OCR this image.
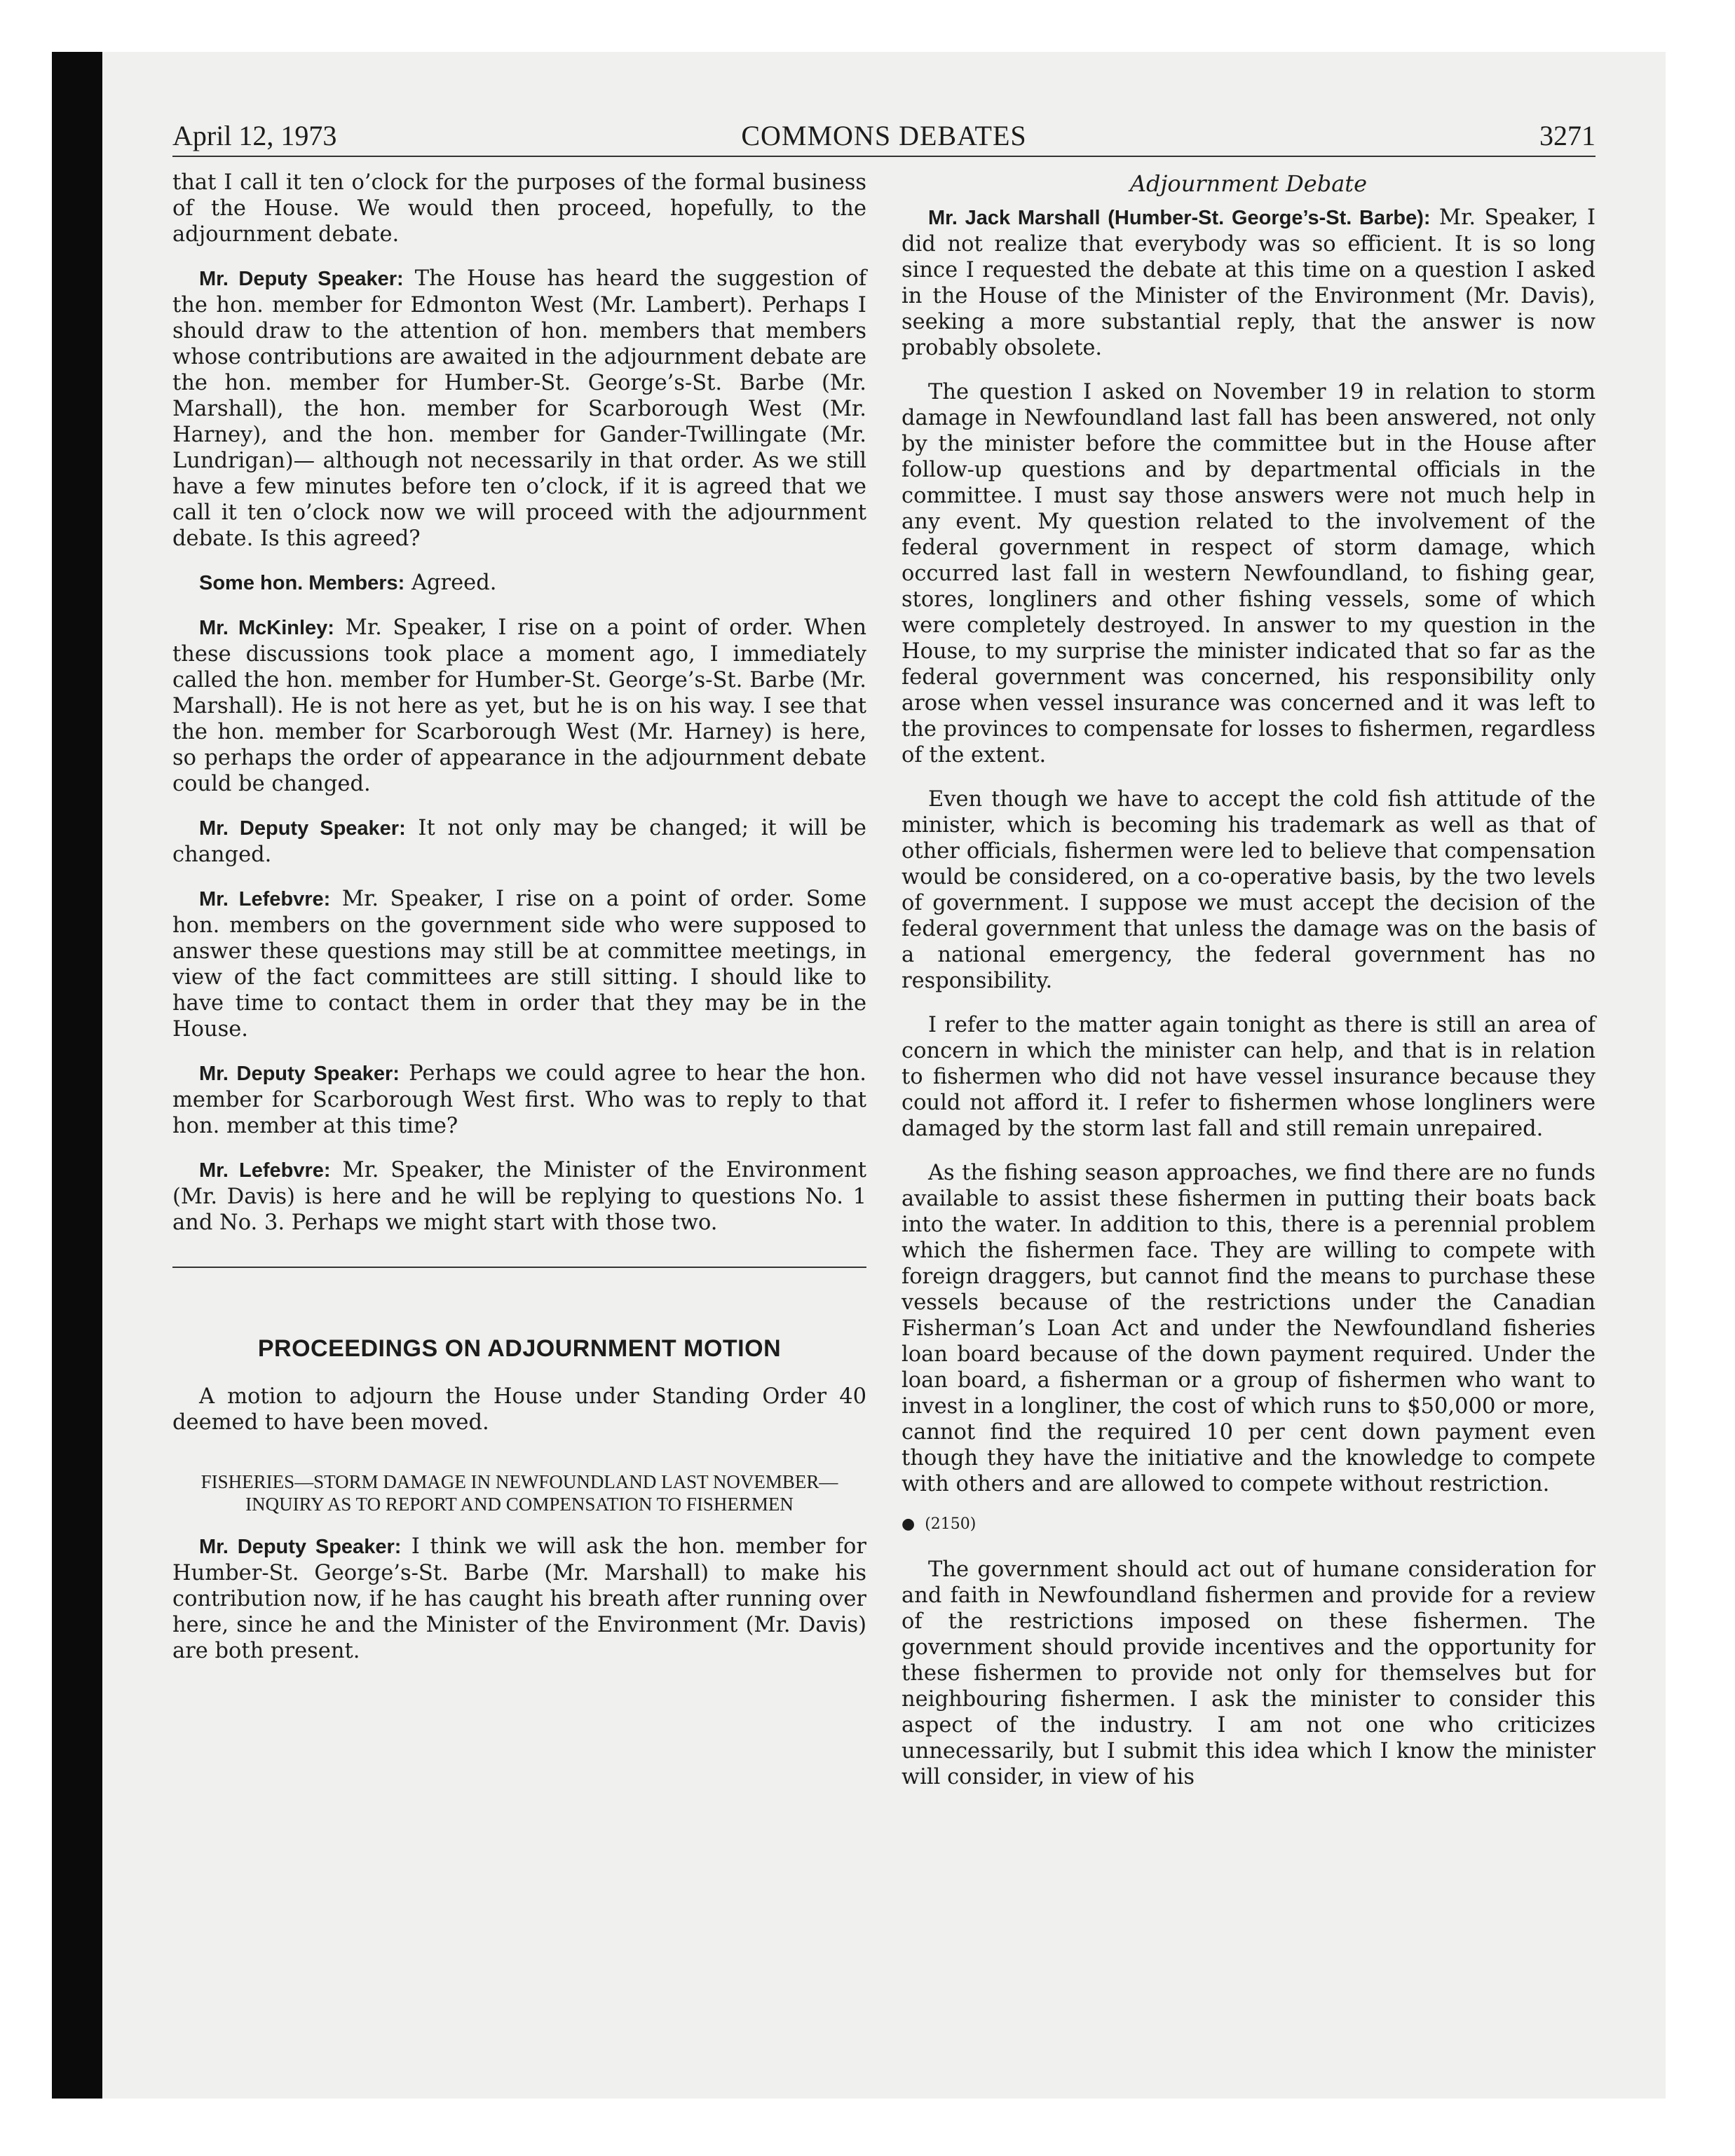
April 12, 1973	COMMONS DEBATES	3271

that I call it ten o’clock for the purposes of the formal business of the House. We would then proceed, hopefully, to the adjournment debate.

Mr. Deputy Speaker: The House has heard the suggestion of the hon. member for Edmonton West (Mr. Lambert). Perhaps I should draw to the attention of hon. members that members whose contributions are awaited in the adjournment debate are the hon. member for Humber-St. George’s-St. Barbe (Mr. Marshall), the hon. member for Scarborough West (Mr. Harney), and the hon. member for Gander-Twillingate (Mr. Lundrigan)— although not necessarily in that order. As we still have a few minutes before ten o’clock, if it is agreed that we call it ten o’clock now we will proceed with the adjournment debate. Is this agreed?

Some hon. Members: Agreed.

Mr. McKinley: Mr. Speaker, I rise on a point of order. When these discussions took place a moment ago, I immediately called the hon. member for Humber-St. George’s-St. Barbe (Mr. Marshall). He is not here as yet, but he is on his way. I see that the hon. member for Scarborough West (Mr. Harney) is here, so perhaps the order of appearance in the adjournment debate could be changed.

Mr. Deputy Speaker: It not only may be changed; it will be changed.

Mr. Lefebvre: Mr. Speaker, I rise on a point of order. Some hon. members on the government side who were supposed to answer these questions may still be at committee meetings, in view of the fact committees are still sitting. I should like to have time to contact them in order that they may be in the House.

Mr. Deputy Speaker: Perhaps we could agree to hear the hon. member for Scarborough West first. Who was to reply to that hon. member at this time?

Mr. Lefebvre: Mr. Speaker, the Minister of the Environment (Mr. Davis) is here and he will be replying to questions No. 1 and No. 3. Perhaps we might start with those two.

PROCEEDINGS ON ADJOURNMENT MOTION

A motion to adjourn the House under Standing Order 40 deemed to have been moved.

FISHERIES—STORM DAMAGE IN NEWFOUNDLAND LAST NOVEMBER—INQUIRY AS TO REPORT AND COMPENSATION TO FISHERMEN

Mr. Deputy Speaker: I think we will ask the hon. member for Humber-St. George’s-St. Barbe (Mr. Marshall) to make his contribution now, if he has caught his breath after running over here, since he and the Minister of the Environment (Mr. Davis) are both present.

Adjournment Debate

Mr. Jack Marshall (Humber-St. George’s-St. Barbe): Mr. Speaker, I did not realize that everybody was so efficient. It is so long since I requested the debate at this time on a question I asked in the House of the Minister of the Environment (Mr. Davis), seeking a more substantial reply, that the answer is now probably obsolete.

The question I asked on November 19 in relation to storm damage in Newfoundland last fall has been answered, not only by the minister before the committee but in the House after follow-up questions and by departmental officials in the committee. I must say those answers were not much help in any event. My question related to the involvement of the federal government in respect of storm damage, which occurred last fall in western Newfoundland, to fishing gear, stores, longliners and other fishing vessels, some of which were completely destroyed. In answer to my question in the House, to my surprise the minister indicated that so far as the federal government was concerned, his responsibility only arose when vessel insurance was concerned and it was left to the provinces to compensate for losses to fishermen, regardless of the extent.

Even though we have to accept the cold fish attitude of the minister, which is becoming his trademark as well as that of other officials, fishermen were led to believe that compensation would be considered, on a co-operative basis, by the two levels of government. I suppose we must accept the decision of the federal government that unless the damage was on the basis of a national emergency, the federal government has no responsibility.

I refer to the matter again tonight as there is still an area of concern in which the minister can help, and that is in relation to fishermen who did not have vessel insurance because they could not afford it. I refer to fishermen whose longliners were damaged by the storm last fall and still remain unrepaired.

As the fishing season approaches, we find there are no funds available to assist these fishermen in putting their boats back into the water. In addition to this, there is a perennial problem which the fishermen face. They are willing to compete with foreign draggers, but cannot find the means to purchase these vessels because of the restrictions under the Canadian Fisherman’s Loan Act and under the Newfoundland fisheries loan board because of the down payment required. Under the loan board, a fisherman or a group of fishermen who want to invest in a longliner, the cost of which runs to $50,000 or more, cannot find the required 10 per cent down payment even though they have the initiative and the knowledge to compete with others and are allowed to compete without restriction.

● (2150)

The government should act out of humane consideration for and faith in Newfoundland fishermen and provide for a review of the restrictions imposed on these fishermen. The government should provide incentives and the opportunity for these fishermen to provide not only for themselves but for neighbouring fishermen. I ask the minister to consider this aspect of the industry. I am not one who criticizes unnecessarily, but I submit this idea which I know the minister will consider, in view of his
